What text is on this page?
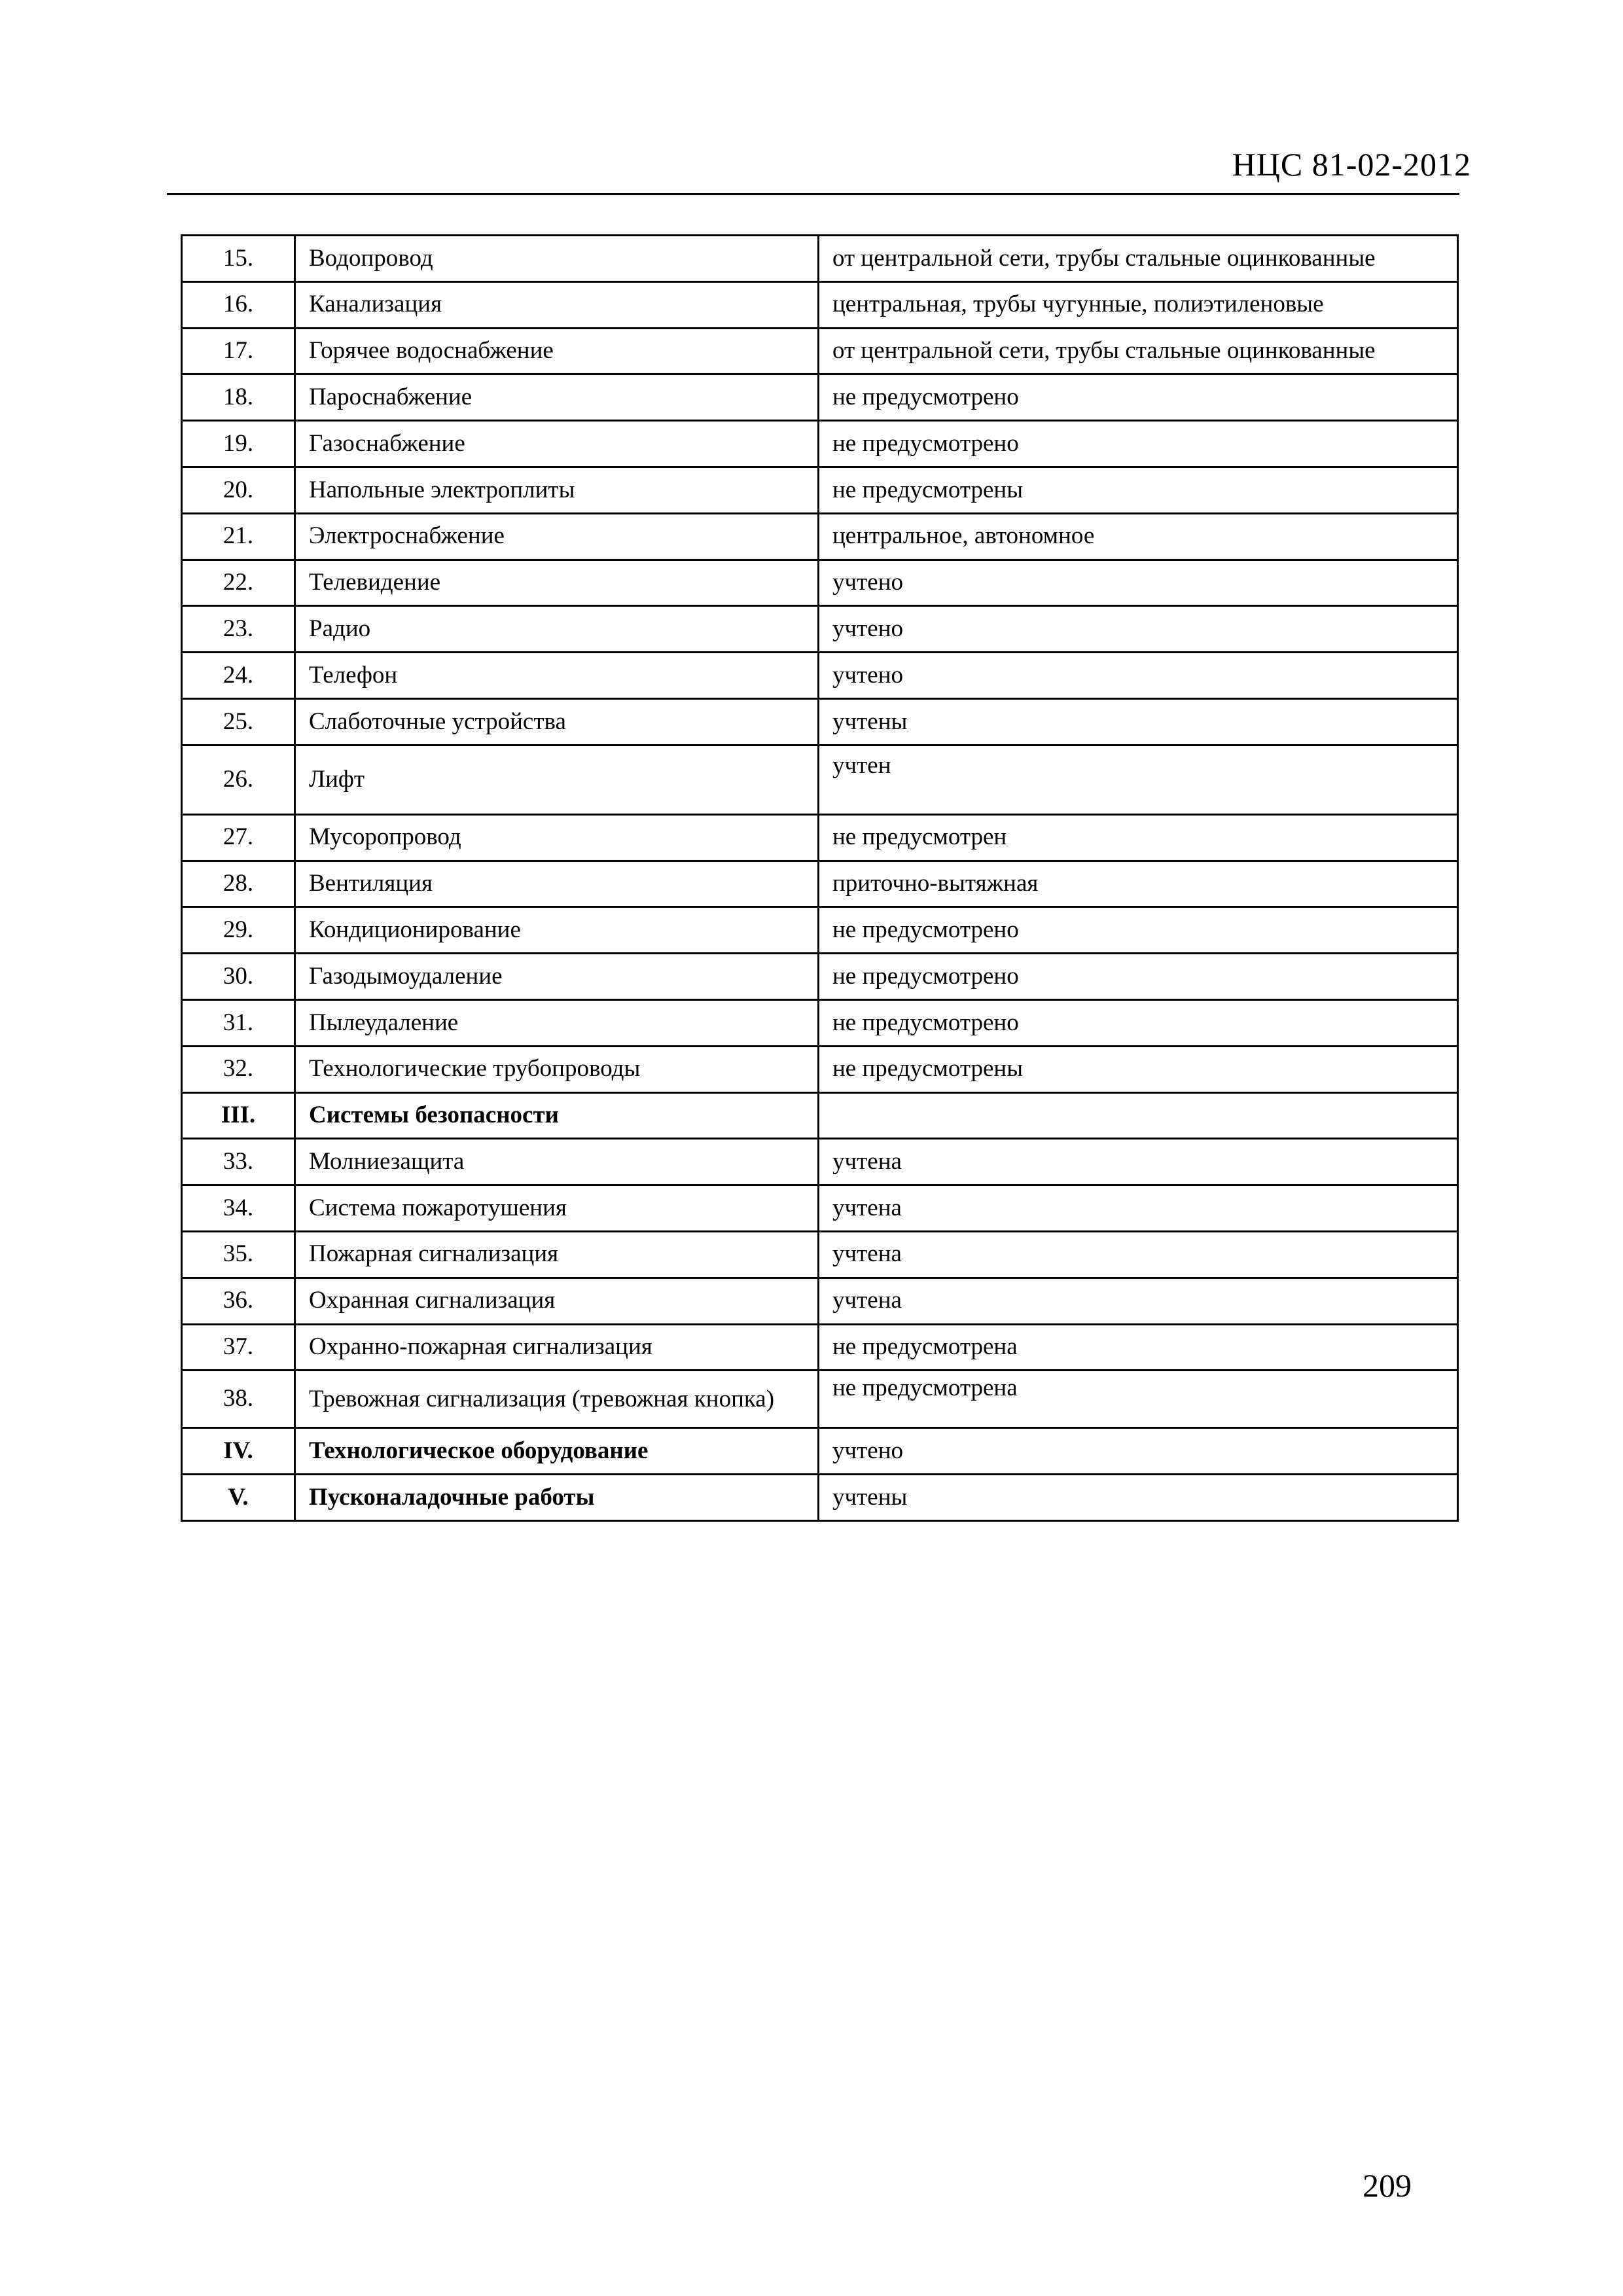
НЦС 81-02-2012
15.	Водопровод	от центральной сети, трубы стальные оцинкованные
16.	Канализация	центральная, трубы чугунные, полиэтиленовые
17.	Горячее водоснабжение	от центральной сети, трубы стальные оцинкованные
18.	Пароснабжение	не предусмотрено
19.	Газоснабжение	не предусмотрено
20.	Напольные электроплиты	не предусмотрены
21.	Электроснабжение	центральное, автономное
22.	Телевидение	учтено
23.	Радио	учтено
24.	Телефон	учтено
25.	Слаботочные устройства	учтены
26.	Лифт	учтен
27.	Мусоропровод	не предусмотрен
28.	Вентиляция	приточно-вытяжная
29.	Кондиционирование	не предусмотрено
30.	Газодымоудаление	не предусмотрено
31.	Пылеудаление	не предусмотрено
32.	Технологические трубопроводы	не предусмотрены
III.	Системы безопасности	
33.	Молниезащита	учтена
34.	Система пожаротушения	учтена
35.	Пожарная сигнализация	учтена
36.	Охранная сигнализация	учтена
37.	Охранно-пожарная сигнализация	не предусмотрена
38.	Тревожная сигнализация (тревожная кнопка)	не предусмотрена
IV.	Технологическое оборудование	учтено
V.	Пусконаладочные работы	учтены
209
